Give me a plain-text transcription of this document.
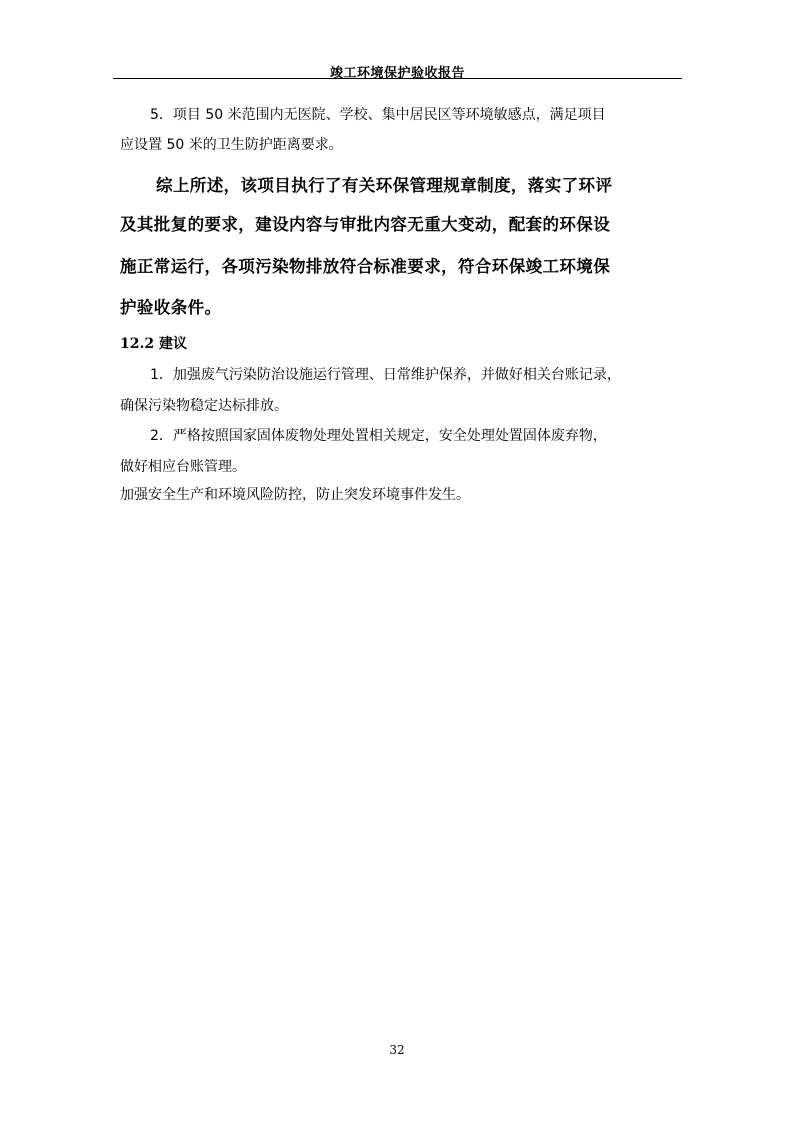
竣工环境保护验收报告
5．项目 50 米范围内无医院、学校、集中居民区等环境敏感点，满足项目
应设置 50 米的卫生防护距离要求。
综上所述，该项目执行了有关环保管理规章制度，落实了环评
及其批复的要求，建设内容与审批内容无重大变动，配套的环保设
施正常运行，各项污染物排放符合标准要求，符合环保竣工环境保
护验收条件。
12.2 建议
1．加强废气污染防治设施运行管理、日常维护保养，并做好相关台账记录，
确保污染物稳定达标排放。
2．严格按照国家固体废物处理处置相关规定，安全处理处置固体废弃物，
做好相应台账管理。
加强安全生产和环境风险防控，防止突发环境事件发生。
32
